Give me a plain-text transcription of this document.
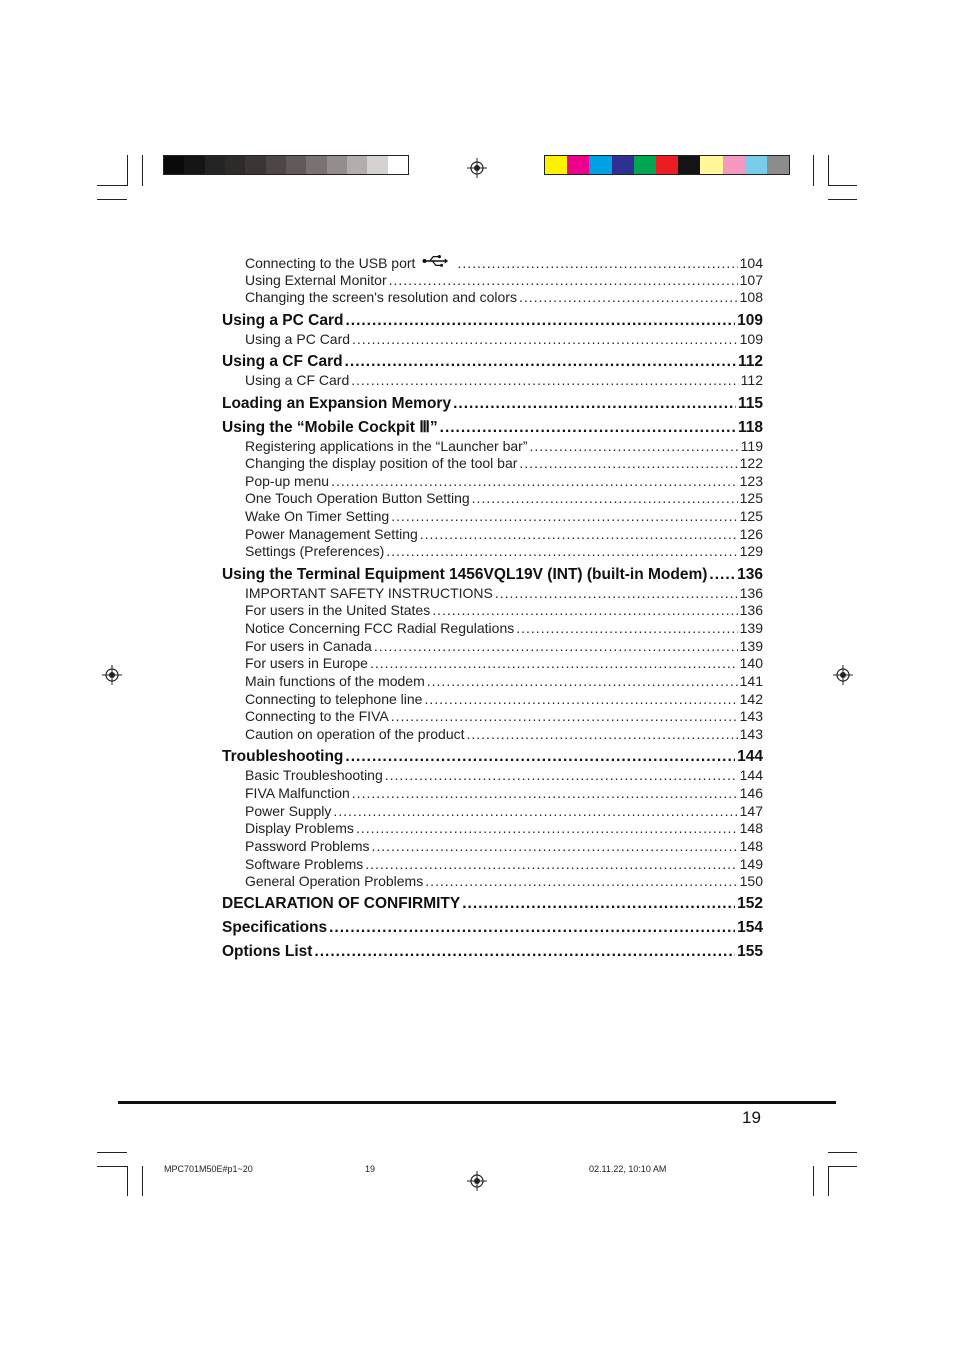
Connecting to the USB port .....	104
Using External Monitor .....	107
Changing the screen's resolution and colors .....	108
Using a PC Card .....	109
Using a PC Card .....	109
Using a CF Card .....	112
Using a CF Card .....	112
Loading an Expansion Memory .....	115
Using the “Mobile Cockpit Ⅲ” .....	118
Registering applications in the “Launcher bar” .....	119
Changing the display position of the tool bar .....	122
Pop-up menu .....	123
One Touch Operation Button Setting .....	125
Wake On Timer Setting .....	125
Power Management Setting .....	126
Settings (Preferences) .....	129
Using the Terminal Equipment 1456VQL19V (INT) (built-in Modem) ..... 136
IMPORTANT SAFETY INSTRUCTIONS .....	136
For users in the United States .....	136
Notice Concerning FCC Radial Regulations .....	139
For users in Canada .....	139
For users in Europe .....	140
Main functions of the modem .....	141
Connecting to telephone line .....	142
Connecting to the FIVA .....	143
Caution on operation of the product .....	143
Troubleshooting .....	144
Basic Troubleshooting .....	144
FIVA Malfunction .....	146
Power Supply .....	147
Display Problems .....	148
Password Problems .....	148
Software Problems .....	149
General Operation Problems .....	150
DECLARATION OF CONFIRMITY .....	152
Specifications .....	154
Options List .....	155
19
MPC701M50E#p1~20	19	02.11.22, 10:10 AM
